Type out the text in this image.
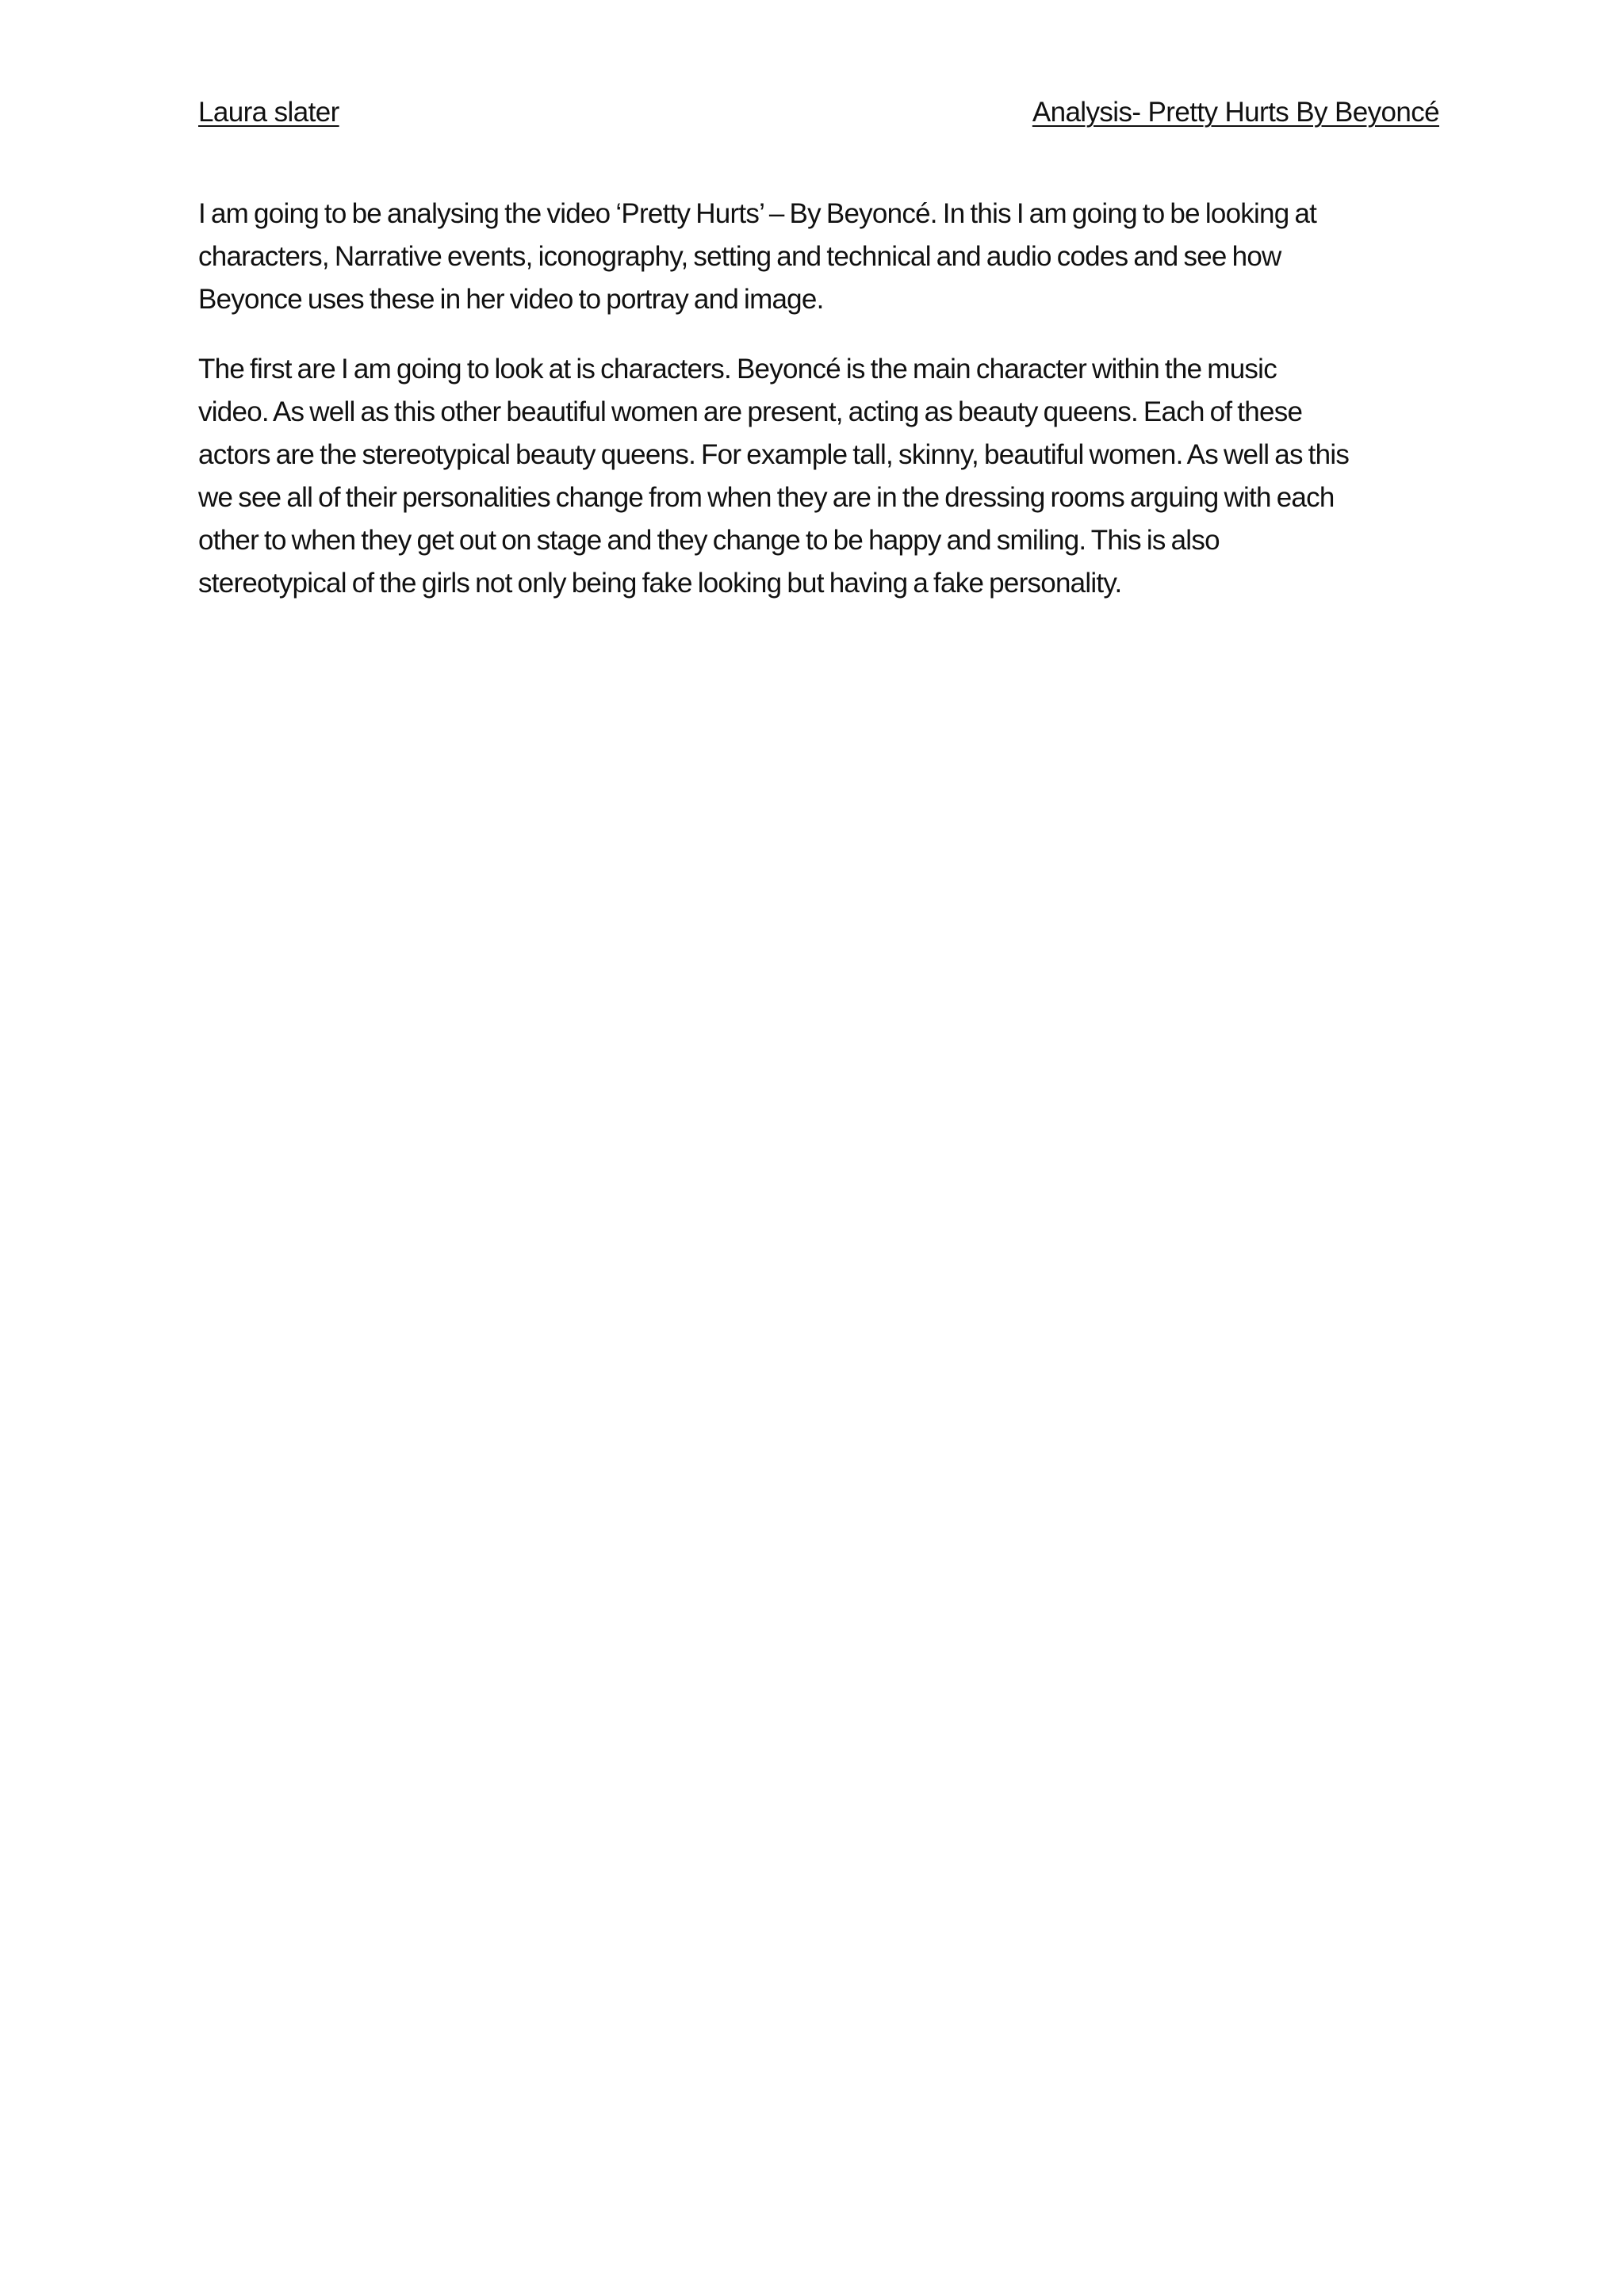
Laura slater	Analysis- Pretty Hurts By Beyoncé

I am going to be analysing the video ‘Pretty Hurts’ – By Beyoncé. In this I am going to be looking at
characters, Narrative events, iconography, setting and technical and audio codes and see how
Beyonce uses these in her video to portray and image.

The first are I am going to look at is characters. Beyoncé is the main character within the music
video. As well as this other beautiful women are present, acting as beauty queens. Each of these
actors are the stereotypical beauty queens. For example tall, skinny, beautiful women. As well as this
we see all of their personalities change from when they are in the dressing rooms arguing with each
other to when they get out on stage and they change to be happy and smiling. This is also
stereotypical of the girls not only being fake looking but having a fake personality.
